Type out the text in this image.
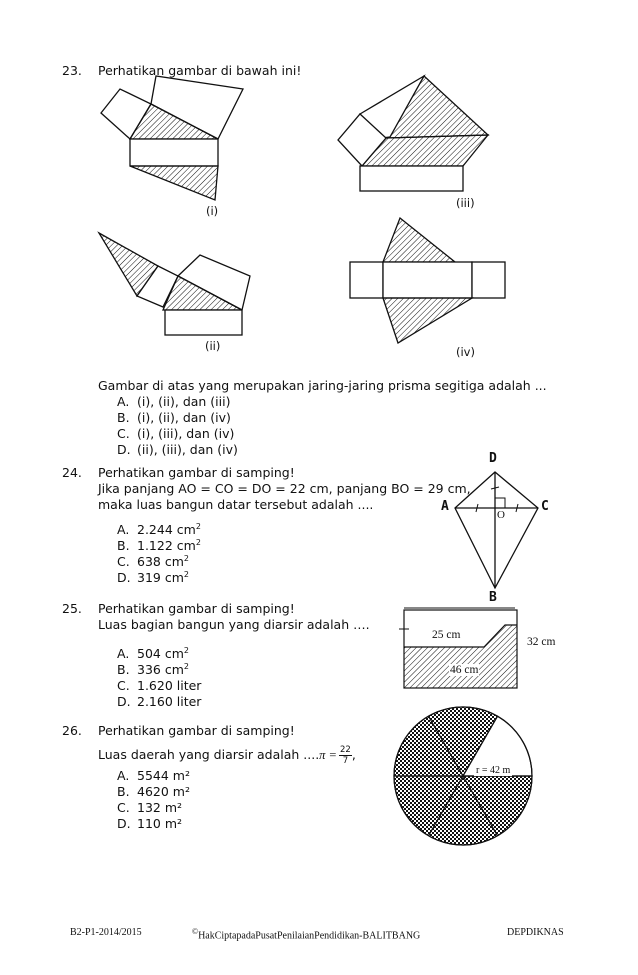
23. Perhatikan gambar di bawah ini!
(i)
(ii)
(iii)
(iv)
Gambar di atas yang merupakan jaring-jaring prisma segitiga adalah ...
A. (i), (ii), dan (iii)
B. (i), (ii), dan (iv)
C. (i), (iii), dan (iv)
D. (ii), (iii), dan (iv)
24. Perhatikan gambar di samping!
Jika panjang AO = CO = DO = 22 cm, panjang BO = 29 cm,
maka luas bangun datar tersebut adalah ....
A. 2.244 $cm^2$
B. 1.122 $cm^2$
C. 638 $cm^2$
D. 319 $cm^2$
D
A	C
B
O
25. Perhatikan gambar di samping!
Luas bagian bangun yang diarsir adalah ….
A. 504 $cm^2$
B. 336 $cm^2$
C. 1.620 liter
D. 2.160 liter
25 cm
46 cm
32 cm
26. Perhatikan gambar di samping!
Luas daerah yang diarsir adalah $....\pi = \frac{22}{7}$ ,
A. 5544 m²
B. 4620 m²
C. 132 m²
D. 110 m²
r = 42 m
B2-P1-2014/2015	©HakCiptapadaPusatPenilaianPendidikan-BALITBANG	DEPDIKNAS
